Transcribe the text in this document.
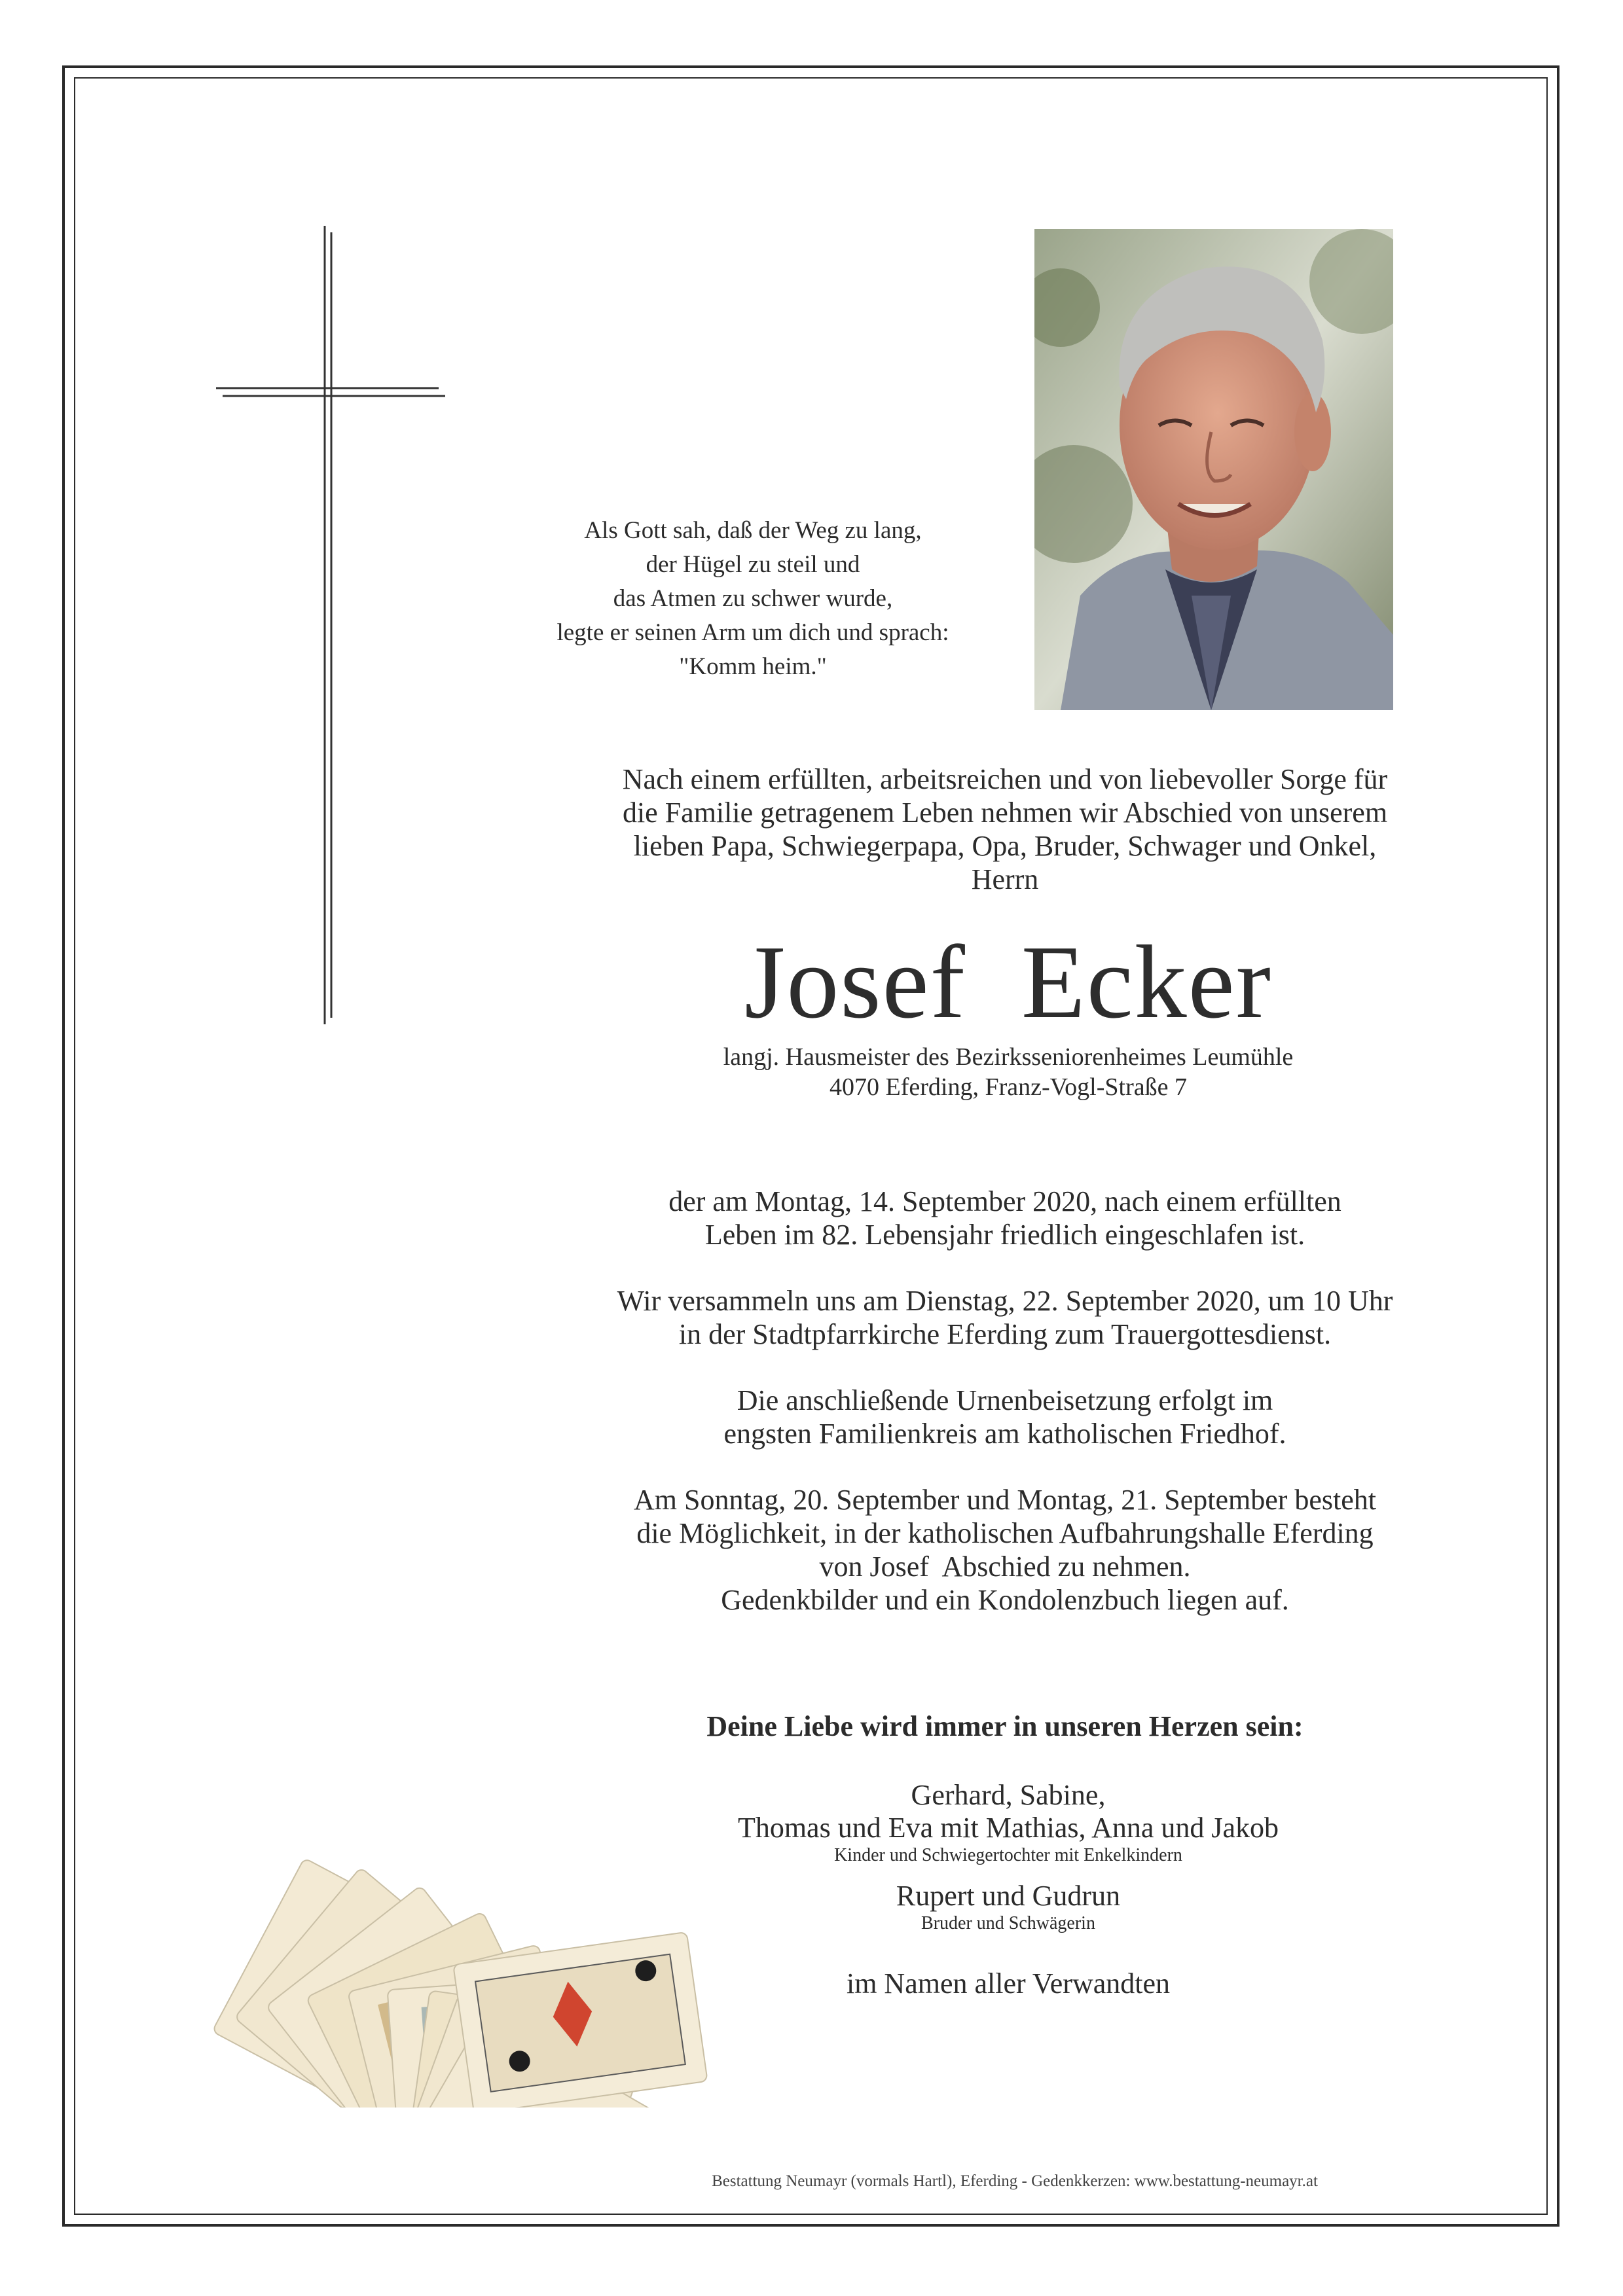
Als Gott sah, daß der Weg zu lang,
der Hügel zu steil und
das Atmen zu schwer wurde,
legte er seinen Arm um dich und sprach:
"Komm heim."
Nach einem erfüllten, arbeitsreichen und von liebevoller Sorge für
die Familie getragenem Leben nehmen wir Abschied von unserem
lieben Papa, Schwiegerpapa, Opa, Bruder, Schwager und Onkel,
Herrn
Josef  Ecker
langj. Hausmeister des Bezirksseniorenheimes Leumühle
4070 Eferding, Franz-Vogl-Straße 7
der am Montag, 14. September 2020, nach einem erfüllten
Leben im 82. Lebensjahr friedlich eingeschlafen ist.
Wir versammeln uns am Dienstag, 22. September 2020, um 10 Uhr
in der Stadtpfarrkirche Eferding zum Trauergottesdienst.
Die anschließende Urnenbeisetzung erfolgt im
engsten Familienkreis am katholischen Friedhof.
Am Sonntag, 20. September und Montag, 21. September besteht
die Möglichkeit, in der katholischen Aufbahrungshalle Eferding
von Josef  Abschied zu nehmen.
Gedenkbilder und ein Kondolenzbuch liegen auf.
Deine Liebe wird immer in unseren Herzen sein:
Gerhard, Sabine,
Thomas und Eva mit Mathias, Anna und Jakob
Kinder und Schwiegertochter mit Enkelkindern
Rupert und Gudrun
Bruder und Schwägerin
im Namen aller Verwandten
Bestattung Neumayr (vormals Hartl), Eferding - Gedenkkerzen: www.bestattung-neumayr.at
